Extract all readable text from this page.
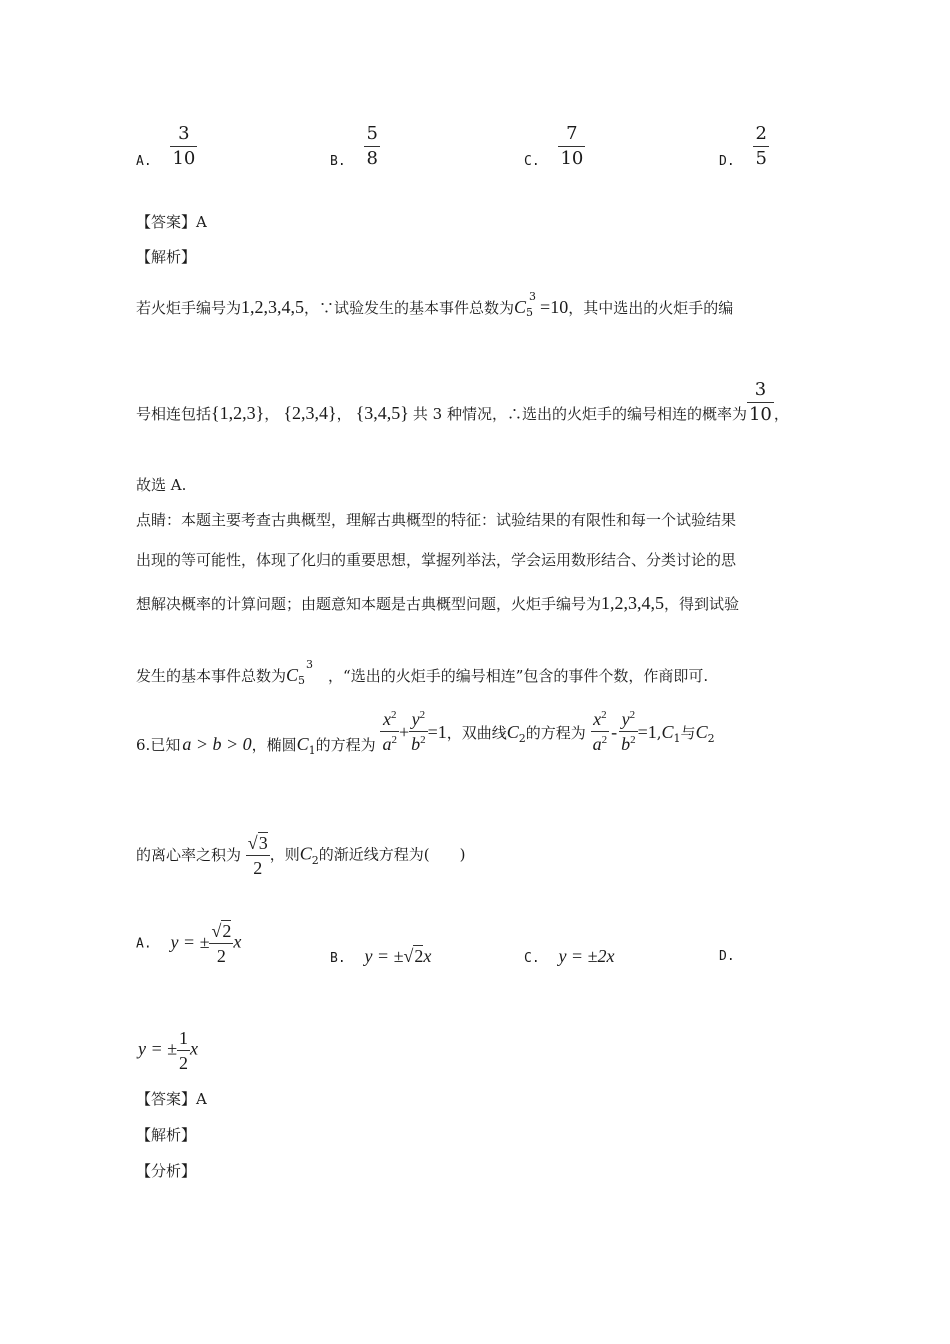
A. $\frac{3}{10}$	B. $\frac{5}{8}$	C. $\frac{7}{10}$	D. $\frac{2}{5}$
【答案】A
【解析】
若火炬手编号为1,2,3,4,5，∵试验发生的基本事件总数为C
3
5 =10，其中选出的火炬手的编
号相连包括{1,2,3}， {​2,3,4}， {3,4,5} 共 3 种情况，∴选出的火炬手的编号相连的概率为 $\frac{3}{10}$ ，
故选 A.
点睛：本题主要考查古典概型，理解古典概型的特征：试验结果的有限性和每一个试验结果
出现的等可能性，体现了化归的重要思想，掌握列举法，学会运用数形结合、分类讨论的思
想解决概率的计算问题；由题意知本题是古典概型问题，火炬手编号为1,2,3,4,5，得到试验
发生的基本事件总数为C
3
5 ，“选出的火炬手的编号相连”包含的事件个数，作商即可.
6.已知 a > b > 0，椭圆$C_1$的方程为 $\frac{x^2}{a^2} + \frac{y^2}{b^2} =1$，双曲线$C_2$的方程为 $\frac{x^2}{a^2} - \frac{y^2}{b^2} =1,C_1$与$C_2$
的离心率之积为 $\frac{√3}{2}$ ，则$C_2$的渐近线方程为(　　)
A. y = ± $\frac{√2}{2}$ x
B. y = ±√2x	C. y = ±2x	D.
y = ± $\frac{1}{2}$ x
【答案】A
【解析】
【分析】
